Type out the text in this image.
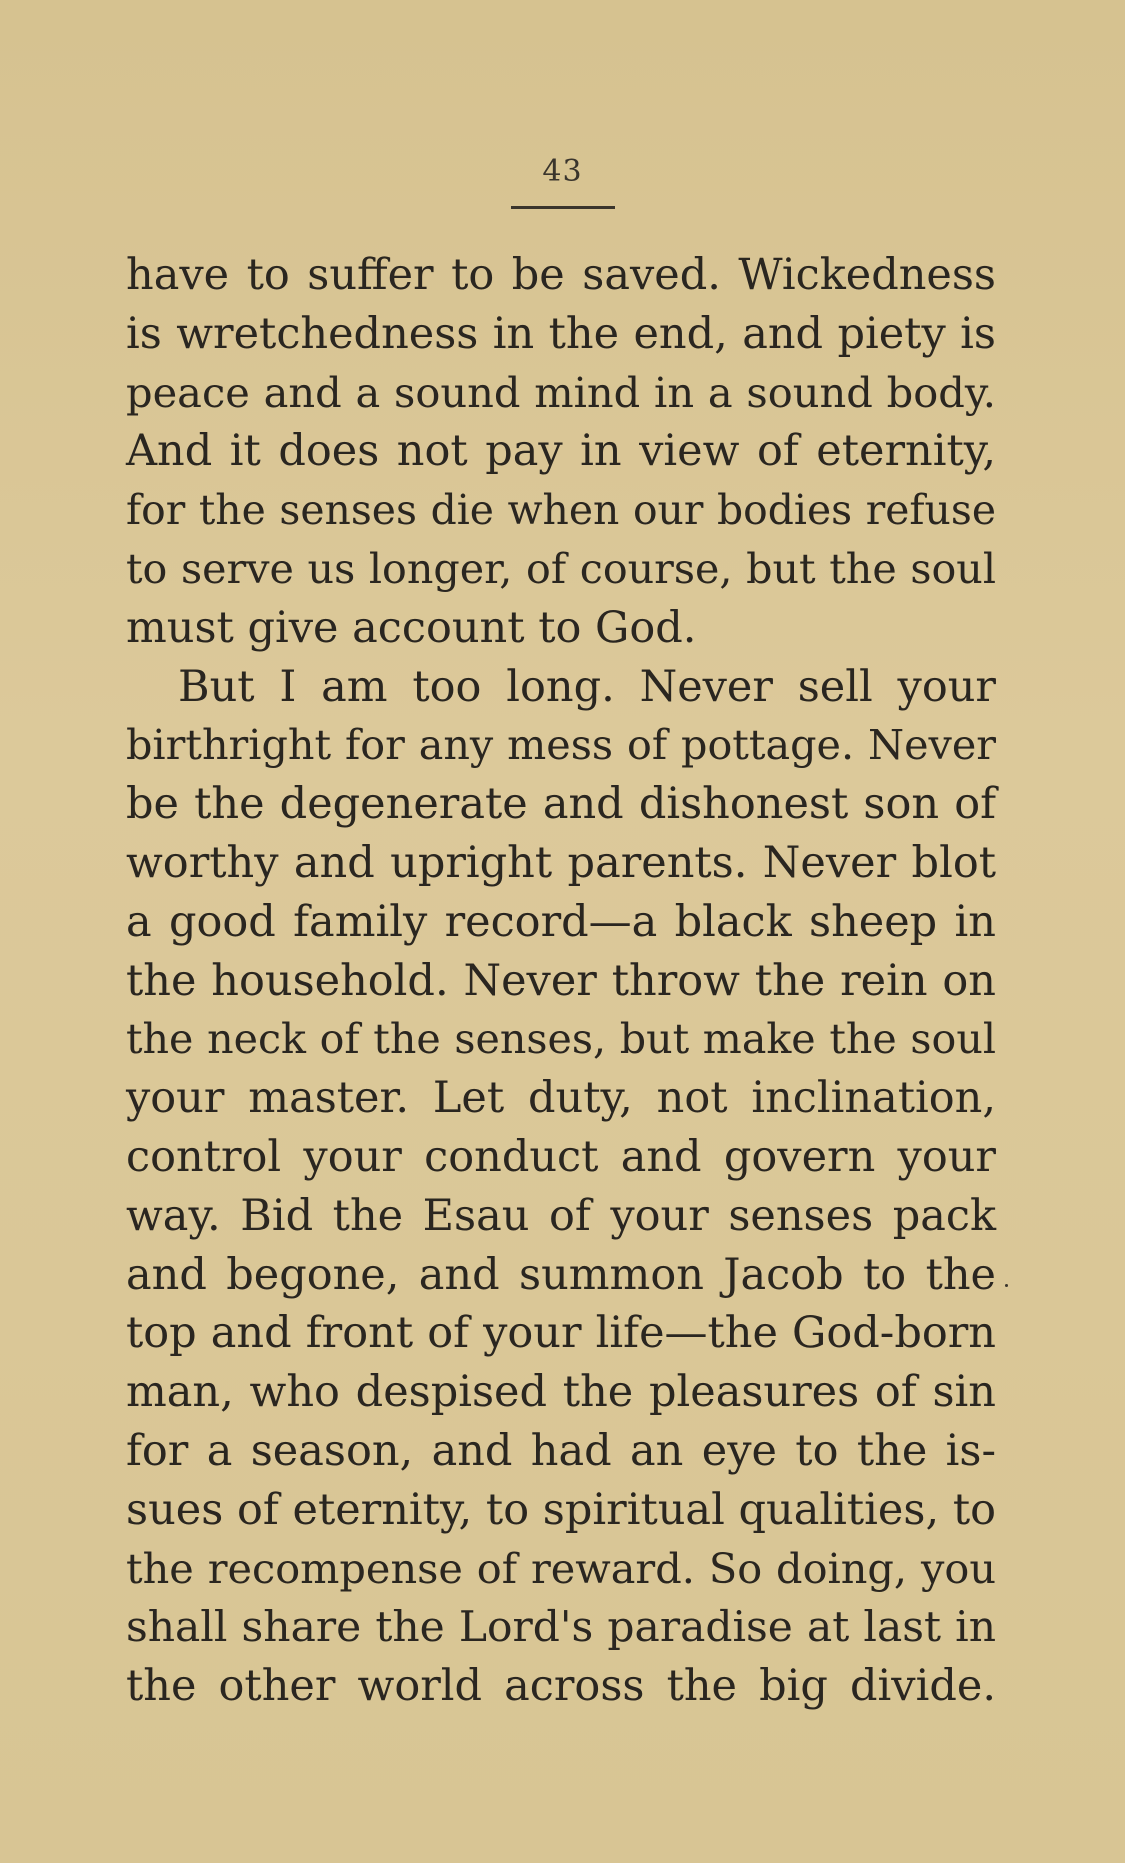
43
have to suffer to be saved. Wickedness
is wretchedness in the end, and piety is
peace and a sound mind in a sound body.
And it does not pay in view of eternity,
for the senses die when our bodies refuse
to serve us longer, of course, but the soul
must give account to God.
But I am too long. Never sell your
birthright for any mess of pottage. Never
be the degenerate and dishonest son of
worthy and upright parents. Never blot
a good family record—a black sheep in
the household. Never throw the rein on
the neck of the senses, but make the soul
your master. Let duty, not inclination,
control your conduct and govern your
way. Bid the Esau of your senses pack
and begone, and summon Jacob to the
top and front of your life—the God-born
man, who despised the pleasures of sin
for a season, and had an eye to the is-
sues of eternity, to spiritual qualities, to
the recompense of reward. So doing, you
shall share the Lord's paradise at last in
the other world across the big divide.
